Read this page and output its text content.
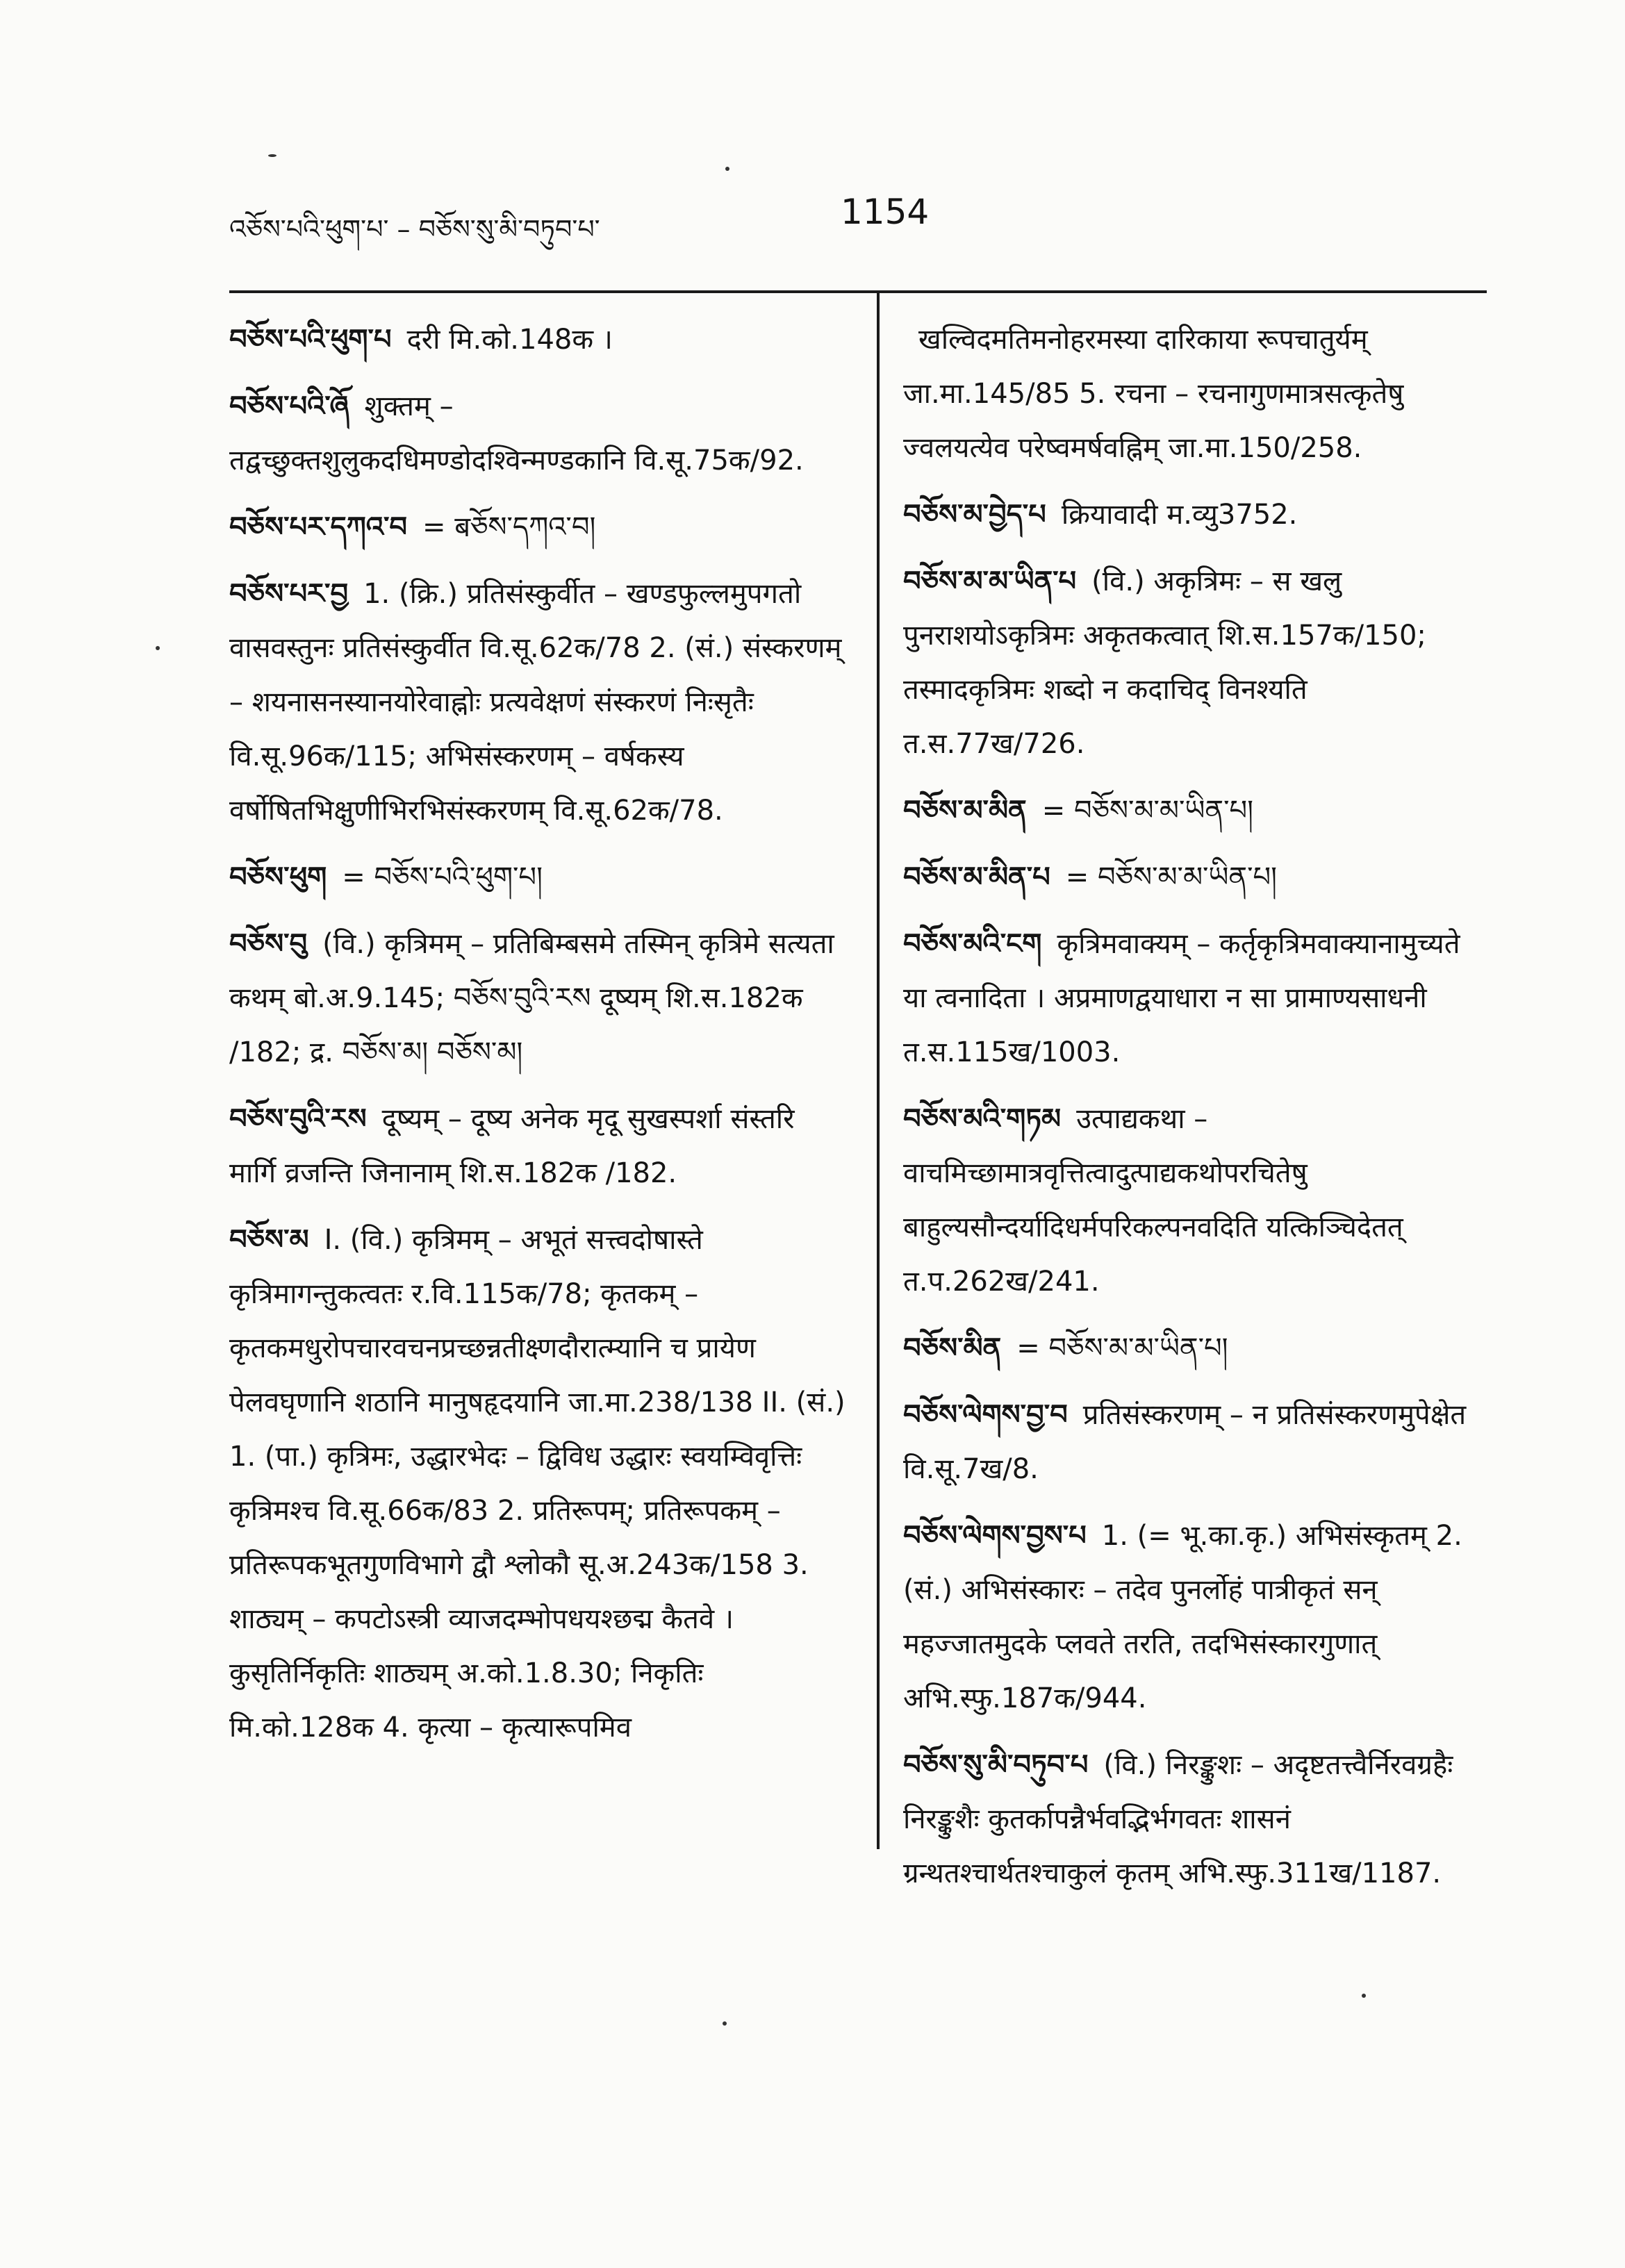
འཅོས་པའི་ཕུག་པ་ – བཅོས་སུ་མི་བཏུབ་པ་	1154
བཅོས་པའི་ཕུག་པ दरी मि.को.148क ।
བཅོས་པའི་ཞོ शुक्तम् – तद्वच्छुक्तशुलुकदधिमण्डोदश्विन्मण्डकानि वि.सू.75क/92.
བཅོས་པར་དཀའ་བ = बཅོས་དཀའ་བ།
བཅོས་པར་བྱ 1. (क्रि.) प्रतिसंस्कुर्वीत – खण्डफुल्लमुपगतो वासवस्तुनः प्रतिसंस्कुर्वीत वि.सू.62क/78 2. (सं.) संस्करणम् – शयनासनस्यानयोरेवाह्नोः प्रत्यवेक्षणं संस्करणं निःसृतैः वि.सू.96क/115; अभिसंस्करणम् – वर्षकस्य वर्षोषितभिक्षुणीभिरभिसंस्करणम् वि.सू.62क/78.
བཅོས་ཕུག = བཅོས་པའི་ཕུག་པ།
བཅོས་བུ (वि.) कृत्रिमम् – प्रतिबिम्बसमे तस्मिन् कृत्रिमे सत्यता कथम् बो.अ.9.145; བཅོས་བུའི་རས दूष्यम् शि.स.182क /182; द्र. བཅོས་མ། བཅོས་མ།
བཅོས་བུའི་རས दूष्यम् – दूष्य अनेक मृदू सुखस्पर्शा संस्तरि मार्गि व्रजन्ति जिनानाम् शि.स.182क /182.
བཅོས་མ I. (वि.) कृत्रिमम् – अभूतं सत्त्वदोषास्ते कृत्रिमागन्तुकत्वतः र.वि.115क/78; कृतकम् – कृतकमधुरोपचारवचनप्रच्छन्नतीक्ष्णदौरात्म्यानि च प्रायेण पेलवघृणानि शठानि मानुषहृदयानि जा.मा.238/138 II. (सं.) 1. (पा.) कृत्रिमः, उद्धारभेदः – द्विविध उद्धारः स्वयम्विवृत्तिः कृत्रिमश्च वि.सू.66क/83 2. प्रतिरूपम्; प्रतिरूपकम् – प्रतिरूपकभूतगुणविभागे द्वौ श्लोकौ सू.अ.243क/158 3. शाठ्यम् – कपटोऽस्त्री व्याजदम्भोपधयश्छद्म कैतवे । कुसृतिर्निकृतिः शाठ्यम् अ.को.1.8.30; निकृतिः मि.को.128क 4. कृत्या – कृत्यारूपमिव
खल्विदमतिमनोहरमस्या दारिकाया रूपचातुर्यम् जा.मा.145/85 5. रचना – रचनागुणमात्रसत्कृतेषु ज्वलयत्येव परेष्वमर्षवह्निम् जा.मा.150/258.
བཅོས་མ་བྱེད་པ क्रियावादी म.व्यु3752.
བཅོས་མ་མ་ཡིན་པ (वि.) अकृत्रिमः – स खलु पुनराशयोऽकृत्रिमः अकृतकत्वात् शि.स.157क/150; तस्मादकृत्रिमः शब्दो न कदाचिद् विनश्यति त.स.77ख/726.
བཅོས་མ་མིན = བཅོས་མ་མ་ཡིན་པ།
བཅོས་མ་མིན་པ = བཅོས་མ་མ་ཡིན་པ།
བཅོས་མའི་ངག कृत्रिमवाक्यम् – कर्तृकृत्रिमवाक्यानामुच्यते या त्वनादिता । अप्रमाणद्वयाधारा न सा प्रामाण्यसाधनी त.स.115ख/1003.
བཅོས་མའི་གཏམ उत्पाद्यकथा – वाचमिच्छामात्रवृत्तित्वादुत्पाद्यकथोपरचितेषु बाहुल्यसौन्दर्यादिधर्मपरिकल्पनवदिति यत्किञ्चिदेतत् त.प.262ख/241.
བཅོས་མིན = བཅོས་མ་མ་ཡིན་པ།
བཅོས་ལེགས་བྱ་བ प्रतिसंस्करणम् – न प्रतिसंस्करणमुपेक्षेत वि.सू.7ख/8.
བཅོས་ལེགས་བྱས་པ 1. (= भू.का.कृ.) अभिसंस्कृतम् 2. (सं.) अभिसंस्कारः – तदेव पुनर्लोहं पात्रीकृतं सन् महज्जातमुदके प्लवते तरति, तदभिसंस्कारगुणात् अभि.स्फु.187क/944.
བཅོས་སུ་མི་བཏུབ་པ (वि.) निरङ्कुशः – अदृष्टतत्त्वैर्निरवग्रहैः निरङ्कुशैः कुतर्कापन्नैर्भवद्भिर्भगवतः शासनं ग्रन्थतश्चार्थतश्चाकुलं कृतम् अभि.स्फु.311ख/1187.
